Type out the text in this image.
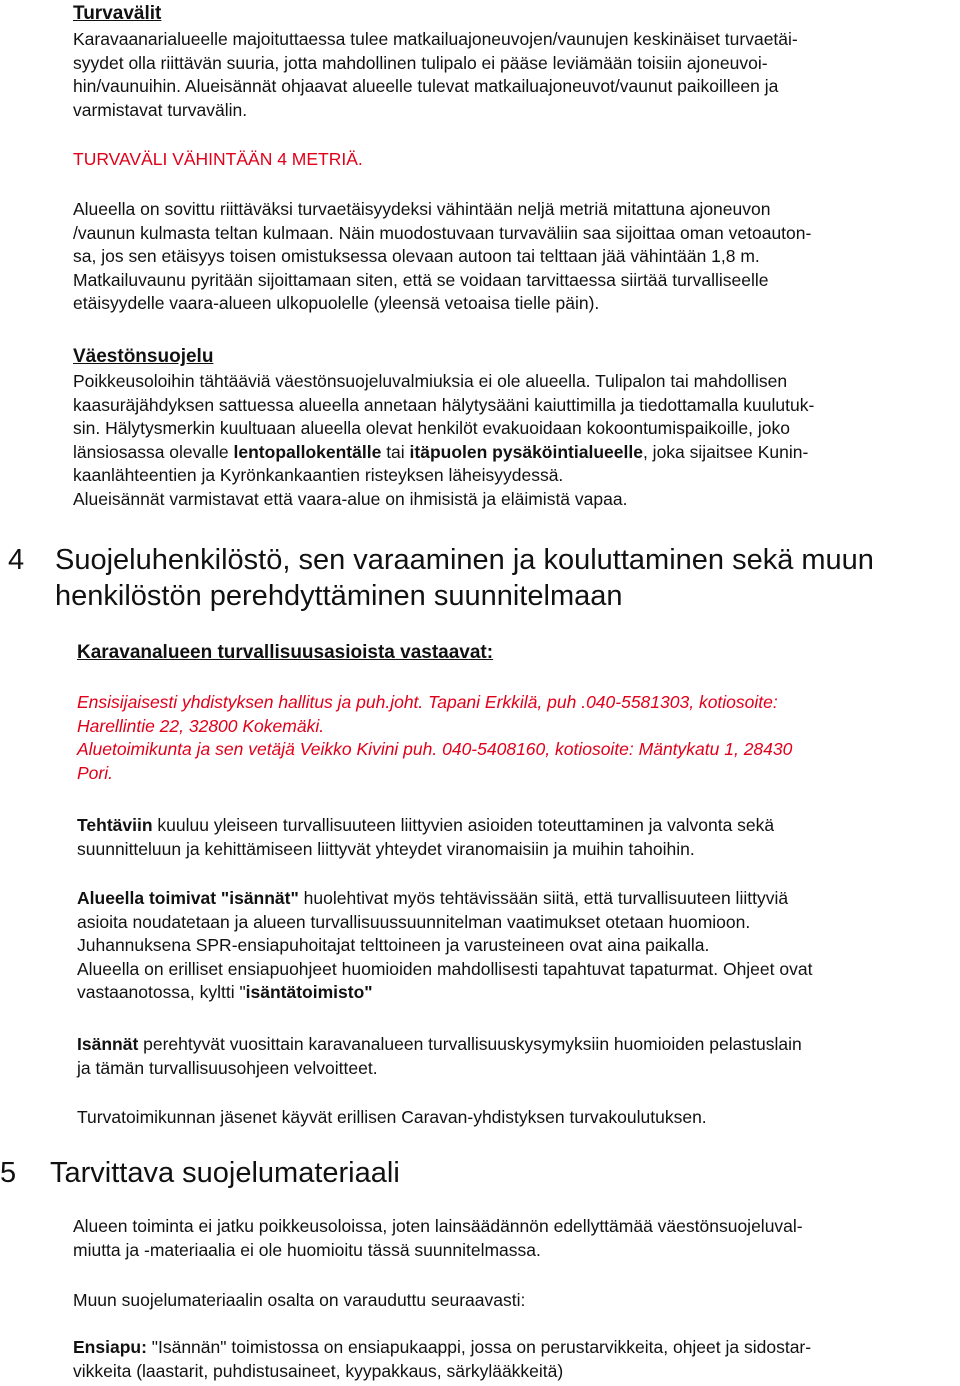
Turvavälit
Karavaanarialueelle majoituttaessa tulee matkailuajoneuvojen/vaunujen keskinäiset turvaetäi-
syydet olla riittävän suuria, jotta mahdollinen tulipalo ei pääse leviämään toisiin ajoneuvoi-
hin/vaunuihin. Alueisännät ohjaavat alueelle tulevat matkailuajoneuvot/vaunut paikoilleen ja
varmistavat turvavälin.
TURVAVÄLI VÄHINTÄÄN 4 METRIÄ.
Alueella on sovittu riittäväksi turvaetäisyydeksi vähintään neljä metriä mitattuna ajoneuvon
/vaunun kulmasta teltan kulmaan. Näin muodostuvaan turvaväliin saa sijoittaa oman vetoauton-
sa, jos sen etäisyys toisen omistuksessa olevaan autoon tai telttaan jää vähintään 1,8 m.
Matkailuvaunu pyritään sijoittamaan siten, että se voidaan tarvittaessa siirtää turvalliseelle
etäisyydelle vaara-alueen ulkopuolelle (yleensä vetoaisa tielle päin).
Väestönsuojelu
Poikkeusoloihin tähtääviä väestönsuojeluvalmiuksia ei ole alueella. Tulipalon tai mahdollisen
kaasuräjähdyksen sattuessa alueella annetaan hälytysääni kaiuttimilla ja tiedottamalla kuulutuk-
sin. Hälytysmerkin kuultuaan alueella olevat henkilöt evakuoidaan kokoontumispaikoille, joko
länsiosassa olevalle lentopallokentälle tai itäpuolen pysäköintialueelle, joka sijaitsee Kunin-
kaanlähteentien ja Kyrönkankaantien risteyksen läheisyydessä.
Alueisännät varmistavat että vaara-alue on ihmisistä ja eläimistä vapaa.
4 Suojeluhenkilöstö, sen varaaminen ja kouluttaminen sekä muun
henkilöstön perehdyttäminen suunnitelmaan
Karavanalueen turvallisuusasioista vastaavat:
Ensisijaisesti yhdistyksen hallitus ja puh.joht. Tapani Erkkilä, puh .040-5581303, kotiosoite:
Harellintie 22, 32800 Kokemäki.
Aluetoimikunta ja sen vetäjä Veikko Kivini puh. 040-5408160, kotiosoite: Mäntykatu 1, 28430
Pori.
Tehtäviin kuuluu yleiseen turvallisuuteen liittyvien asioiden toteuttaminen ja valvonta sekä
suunnitteluun ja kehittämiseen liittyvät yhteydet viranomaisiin ja muihin tahoihin.
Alueella toimivat "isännät" huolehtivat myös tehtävissään siitä, että turvallisuuteen liittyviä
asioita noudatetaan ja alueen turvallisuussuunnitelman vaatimukset otetaan huomioon.
Juhannuksena SPR-ensiapuhoitajat telttoineen ja varusteineen ovat aina paikalla.
Alueella on erilliset ensiapuohjeet huomioiden mahdollisesti tapahtuvat tapaturmat. Ohjeet ovat
vastaanotossa, kyltti "isäntätoimisto"
Isännät perehtyvät vuosittain karavanalueen turvallisuuskysymyksiin huomioiden pelastuslain
ja tämän turvallisuusohjeen velvoitteet.
Turvatoimikunnan jäsenet käyvät erillisen Caravan-yhdistyksen turvakoulutuksen.
5 Tarvittava suojelumateriaali
Alueen toiminta ei jatku poikkeusoloissa, joten lainsäädännön edellyttämää väestönsuojeluval-
miutta ja -materiaalia ei ole huomioitu tässä suunnitelmassa.
Muun suojelumateriaalin osalta on varauduttu seuraavasti:
Ensiapu: "Isännän" toimistossa on ensiapukaappi, jossa on perustarvikkeita, ohjeet ja sidostar-
vikkeita (laastarit, puhdistusaineet, kyypakkaus, särkylääkkeitä)
